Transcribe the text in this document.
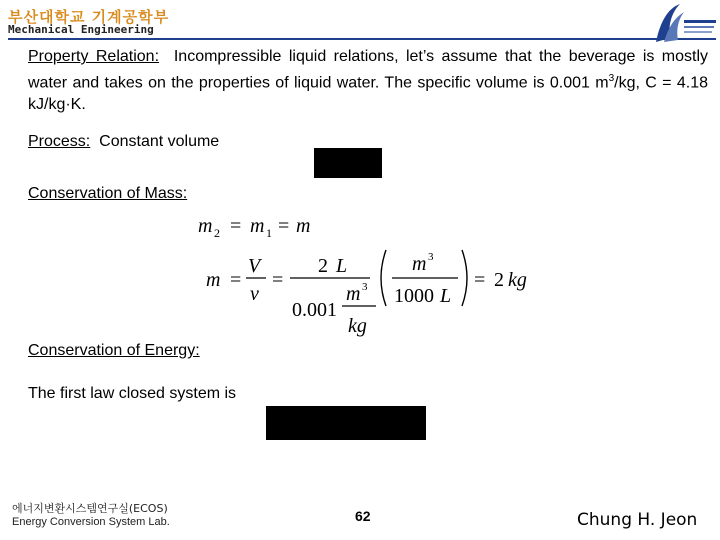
부산대학교 기계공학부
Mechanical Engineering
Property Relation: Incompressible liquid relations, let’s assume that the beverage is mostly water and takes on the properties of liquid water. The specific volume is 0.001 $m^3/kg$, C = 4.18 kJ/kg·K.
Process: Constant volume
Conservation of Mass:
m 2 = m 1 = m
m =
V
v
=
2 L
0.001
m 3
kg
m 3
1000 L
= 2 kg
Conservation of Energy:
The first law closed system is
에너지변환시스템연구실(ECOS)
Energy Conversion System Lab.	62	Chung H. Jeon
